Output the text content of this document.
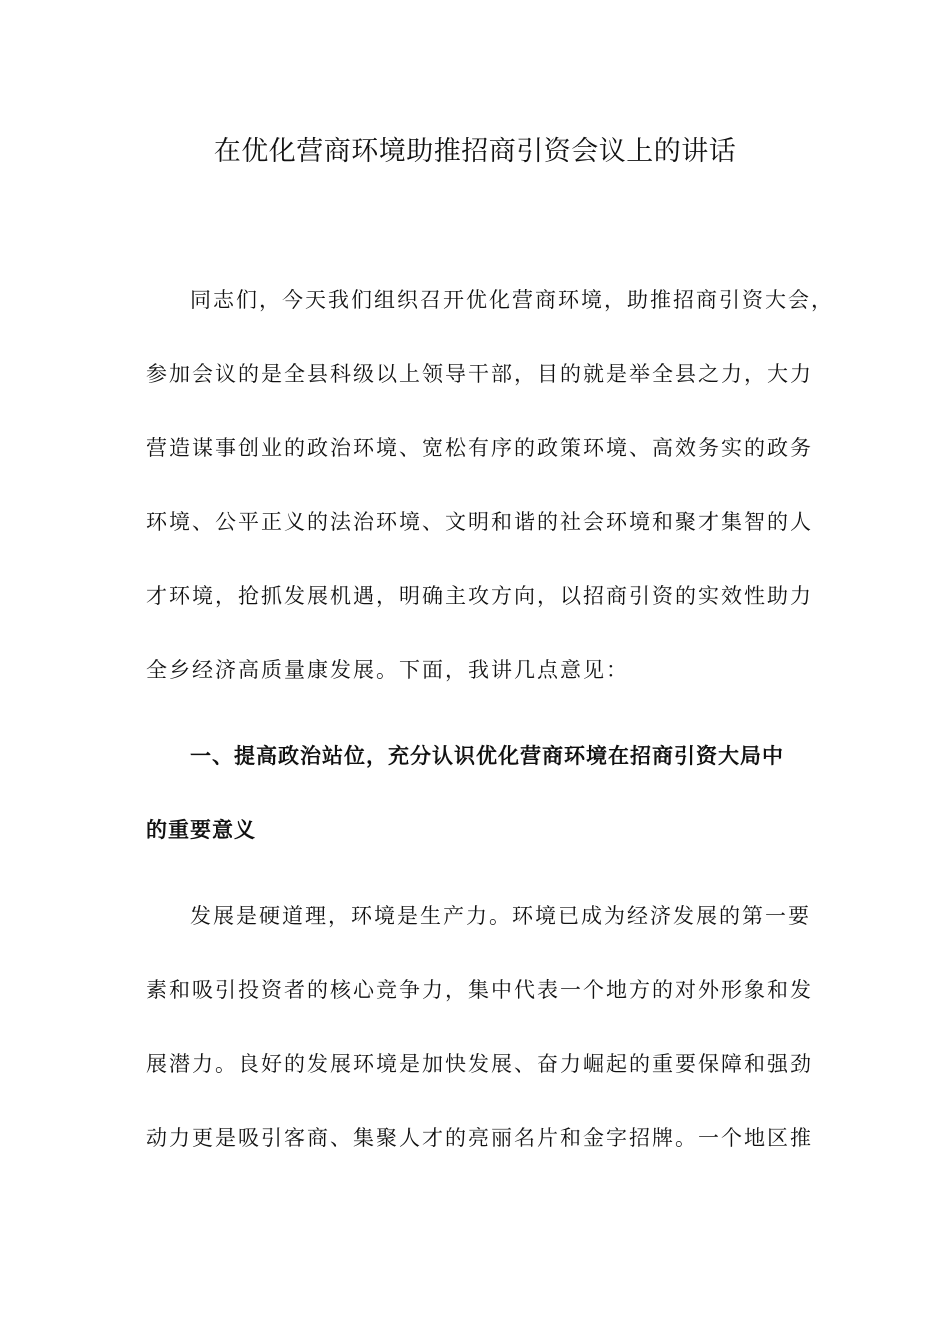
在优化营商环境助推招商引资会议上的讲话
同志们，今天我们组织召开优化营商环境，助推招商引资大会，
参加会议的是全县科级以上领导干部，目的就是举全县之力，大力
营造谋事创业的政治环境、宽松有序的政策环境、高效务实的政务
环境、公平正义的法治环境、文明和谐的社会环境和聚才集智的人
才环境，抢抓发展机遇，明确主攻方向，以招商引资的实效性助力
全乡经济高质量康发展。下面，我讲几点意见：
一、提高政治站位，充分认识优化营商环境在招商引资大局中
的重要意义
发展是硬道理，环境是生产力。环境已成为经济发展的第一要
素和吸引投资者的核心竞争力，集中代表一个地方的对外形象和发
展潜力。良好的发展环境是加快发展、奋力崛起的重要保障和强劲
动力更是吸引客商、集聚人才的亮丽名片和金字招牌。一个地区推
